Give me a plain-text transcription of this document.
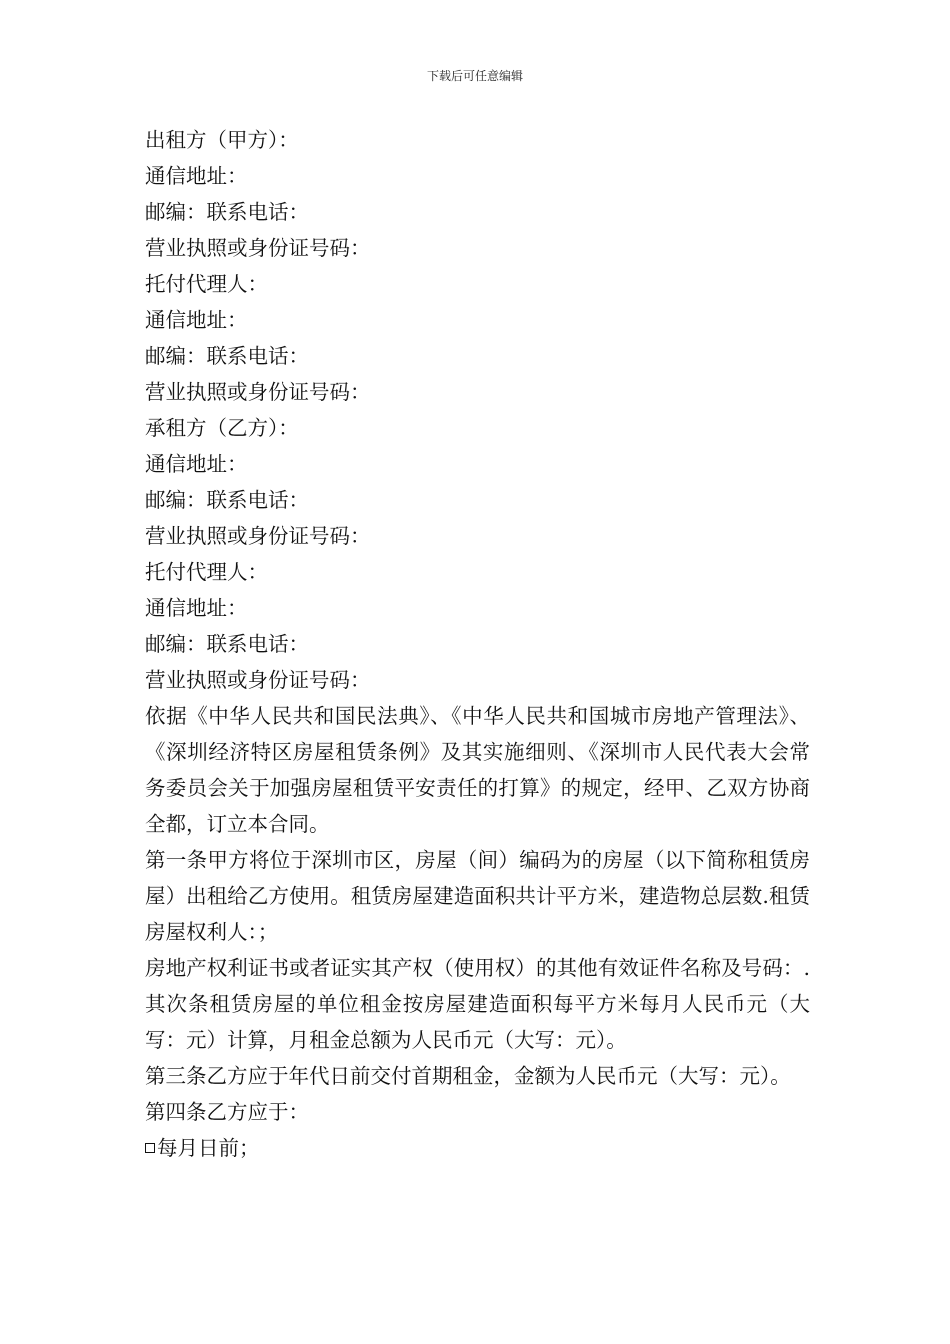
下载后可任意编辑
出租方（甲方）：
通信地址：
邮编：联系电话：
营业执照或身份证号码：
托付代理人：
通信地址：
邮编：联系电话：
营业执照或身份证号码：
承租方（乙方）：
通信地址：
邮编：联系电话：
营业执照或身份证号码：
托付代理人：
通信地址：
邮编：联系电话：
营业执照或身份证号码：
依据《中华人民共和国民法典》、《中华人民共和国城市房地产管理法》、《深圳经济特区房屋租赁条例》及其实施细则、《深圳市人民代表大会常务委员会关于加强房屋租赁平安责任的打算》的规定，经甲、乙双方协商全都，订立本合同。
第一条甲方将位于深圳市区，房屋（间）编码为的房屋（以下简称租赁房屋）出租给乙方使用。租赁房屋建造面积共计平方米，建造物总层数.租赁房屋权利人：；
房地产权利证书或者证实其产权（使用权）的其他有效证件名称及号码：.其次条租赁房屋的单位租金按房屋建造面积每平方米每月人民币元（大写：元）计算，月租金总额为人民币元（大写：元）。
第三条乙方应于年代日前交付首期租金，金额为人民币元（大写：元）。
第四条乙方应于：
每月日前；
